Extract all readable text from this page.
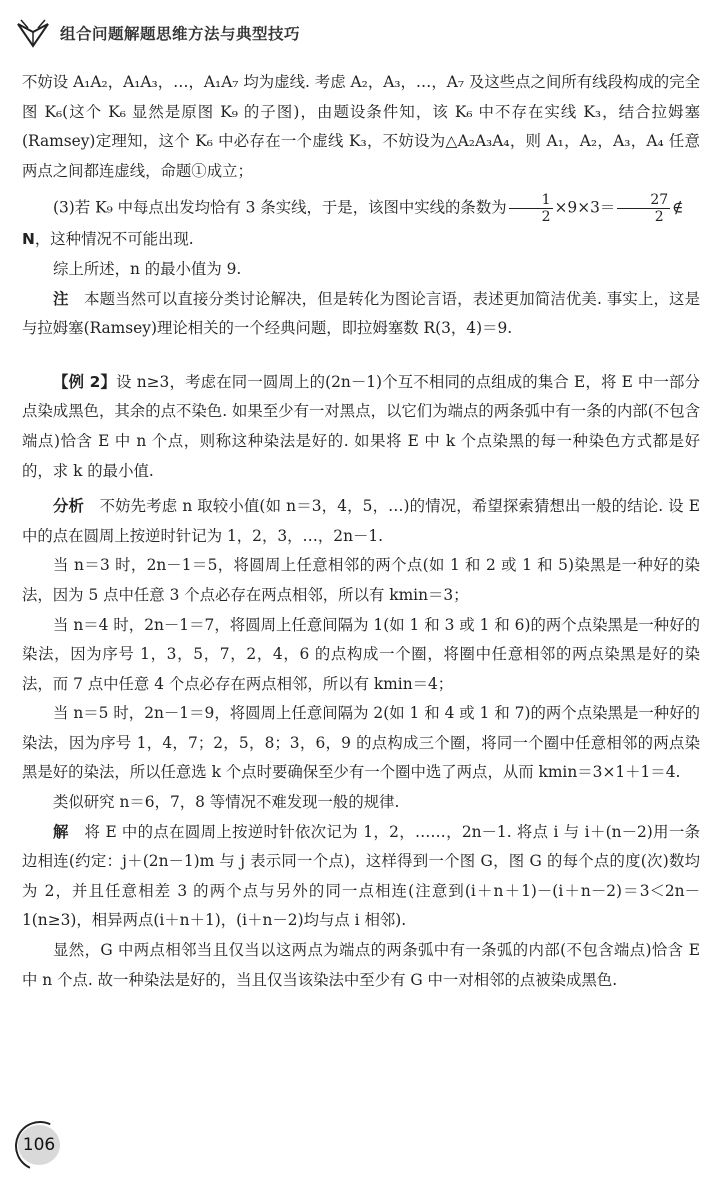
组合问题解题思维方法与典型技巧

不妨设 A₁A₂，A₁A₃，…，A₁A₇ 均为虚线. 考虑 A₂，A₃，…，A₇ 及这些点之间所有线段构成的完全图 K₆(这个 K₆ 显然是原图 K₉ 的子图)，由题设条件知，该 K₆ 中不存在实线 K₃，结合拉姆塞(Ramsey)定理知，这个 K₆ 中必存在一个虚线 K₃，不妨设为△A₂A₃A₄，则 A₁，A₂，A₃，A₄ 任意两点之间都连虚线，命题①成立；

(3)若 K₉ 中每点出发均恰有 3 条实线，于是，该图中实线的条数为 $\frac{1}{2} \times 9\times 3= \frac{27}{2}$ ∉
N，这种情况不可能出现.

综上所述，n 的最小值为 9.

注　本题当然可以直接分类讨论解决，但是转化为图论言语，表述更加简洁优美. 事实上，这是与拉姆塞(Ramsey)理论相关的一个经典问题，即拉姆塞数 R(3，4)＝9.

【例 2】设 n≥3，考虑在同一圆周上的(2n－1)个互不相同的点组成的集合 E，将 E 中一部分点染成黑色，其余的点不染色. 如果至少有一对黑点，以它们为端点的两条弧中有一条的内部(不包含端点)恰含 E 中 n 个点，则称这种染法是好的. 如果将 E 中 k 个点染黑的每一种染色方式都是好的，求 k 的最小值.

分析　不妨先考虑 n 取较小值(如 n＝3，4，5，…)的情况，希望探索猜想出一般的结论. 设 E 中的点在圆周上按逆时针记为 1，2，3，…，2n－1.

当 n＝3 时，2n－1＝5，将圆周上任意相邻的两个点(如 1 和 2 或 1 和 5)染黑是一种好的染法，因为 5 点中任意 3 个点必存在两点相邻，所以有 kmin＝3；

当 n＝4 时，2n－1＝7，将圆周上任意间隔为 1(如 1 和 3 或 1 和 6)的两个点染黑是一种好的染法，因为序号 1，3，5，7，2，4，6 的点构成一个圈，将圈中任意相邻的两点染黑是好的染法，而 7 点中任意 4 个点必存在两点相邻，所以有 kmin＝4；

当 n＝5 时，2n－1＝9，将圆周上任意间隔为 2(如 1 和 4 或 1 和 7)的两个点染黑是一种好的染法，因为序号 1，4，7；2，5，8；3，6，9 的点构成三个圈，将同一个圈中任意相邻的两点染黑是好的染法，所以任意选 k 个点时要确保至少有一个圈中选了两点，从而 kmin＝3×1＋1＝4.

类似研究 n＝6，7，8 等情况不难发现一般的规律.

解　将 E 中的点在圆周上按逆时针依次记为 1，2，……，2n－1. 将点 i 与 i＋(n－2)用一条边相连(约定：j＋(2n－1)m 与 j 表示同一个点)，这样得到一个图 G，图 G 的每个点的度(次)数均为 2，并且任意相差 3 的两个点与另外的同一点相连(注意到(i＋n＋1)－(i＋n－2)＝3＜2n－1(n≥3)，相异两点(i＋n＋1)，(i＋n－2)均与点 i 相邻).

显然，G 中两点相邻当且仅当以这两点为端点的两条弧中有一条弧的内部(不包含端点)恰含 E 中 n 个点. 故一种染法是好的，当且仅当该染法中至少有 G 中一对相邻的点被染成黑色.

106
